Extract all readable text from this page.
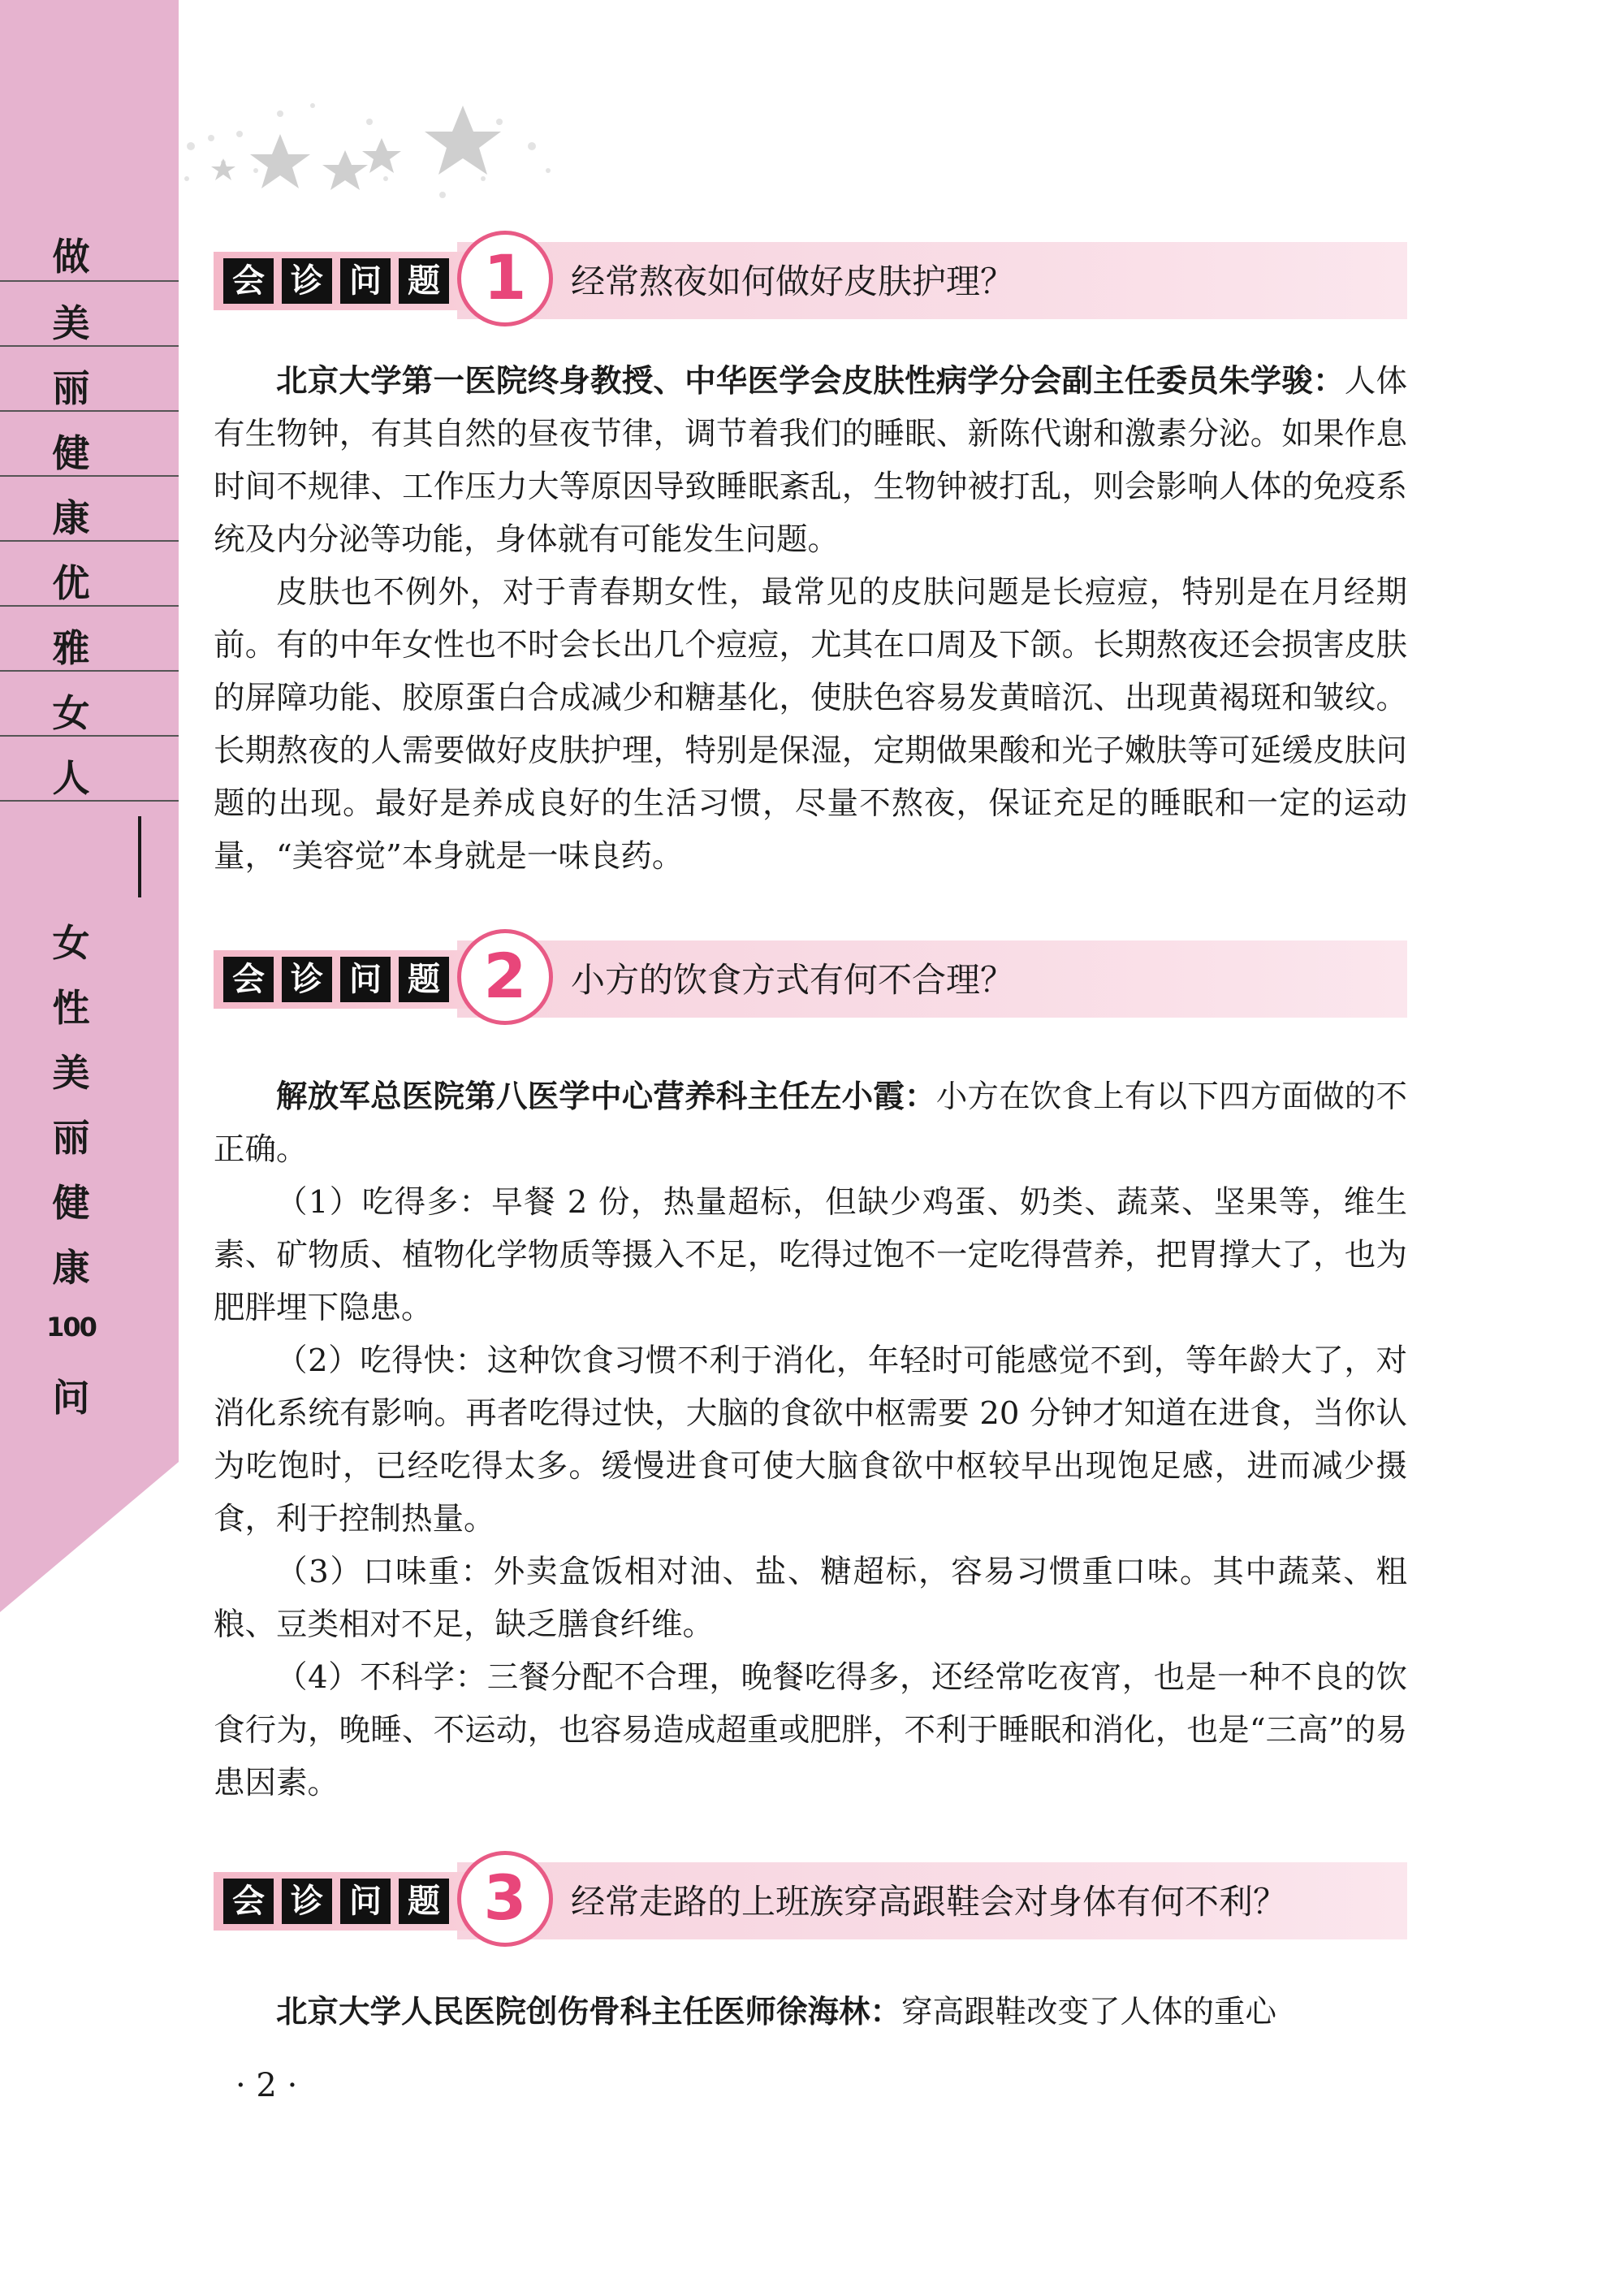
做
美
丽
健
康
优
雅
女
人
女
性
美
丽
健
康
100
问
会 诊 问 题 1	经常熬夜如何做好皮肤护理？

北京大学第一医院终身教授、中华医学会皮肤性病学分会副主任委员朱学骏：人体有生物钟，有其自然的昼夜节律，调节着我们的睡眠、新陈代谢和激素分泌。如果作息时间不规律、工作压力大等原因导致睡眠紊乱，生物钟被打乱，则会影响人体的免疫系统及内分泌等功能，身体就有可能发生问题。

皮肤也不例外，对于青春期女性，最常见的皮肤问题是长痘痘，特别是在月经期前。有的中年女性也不时会长出几个痘痘，尤其在口周及下颌。长期熬夜还会损害皮肤的屏障功能、胶原蛋白合成减少和糖基化，使肤色容易发黄暗沉、出现黄褐斑和皱纹。长期熬夜的人需要做好皮肤护理，特别是保湿，定期做果酸和光子嫩肤等可延缓皮肤问题的出现。最好是养成良好的生活习惯，尽量不熬夜，保证充足的睡眠和一定的运动量，“美容觉”本身就是一味良药。

会 诊 问 题 2	小方的饮食方式有何不合理？

解放军总医院第八医学中心营养科主任左小霞：小方在饮食上有以下四方面做的不正确。

（1）吃得多：早餐 2 份，热量超标，但缺少鸡蛋、奶类、蔬菜、坚果等，维生素、矿物质、植物化学物质等摄入不足，吃得过饱不一定吃得营养，把胃撑大了，也为肥胖埋下隐患。

（2）吃得快：这种饮食习惯不利于消化，年轻时可能感觉不到，等年龄大了，对消化系统有影响。再者吃得过快，大脑的食欲中枢需要 20 分钟才知道在进食，当你认为吃饱时，已经吃得太多。缓慢进食可使大脑食欲中枢较早出现饱足感，进而减少摄食，利于控制热量。

（3）口味重：外卖盒饭相对油、盐、糖超标，容易习惯重口味。其中蔬菜、粗粮、豆类相对不足，缺乏膳食纤维。

（4）不科学：三餐分配不合理，晚餐吃得多，还经常吃夜宵，也是一种不良的饮食行为，晚睡、不运动，也容易造成超重或肥胖，不利于睡眠和消化，也是“三高”的易患因素。

会 诊 问 题 3	经常走路的上班族穿高跟鞋会对身体有何不利？

北京大学人民医院创伤骨科主任医师徐海林：穿高跟鞋改变了人体的重心

· 2 ·
